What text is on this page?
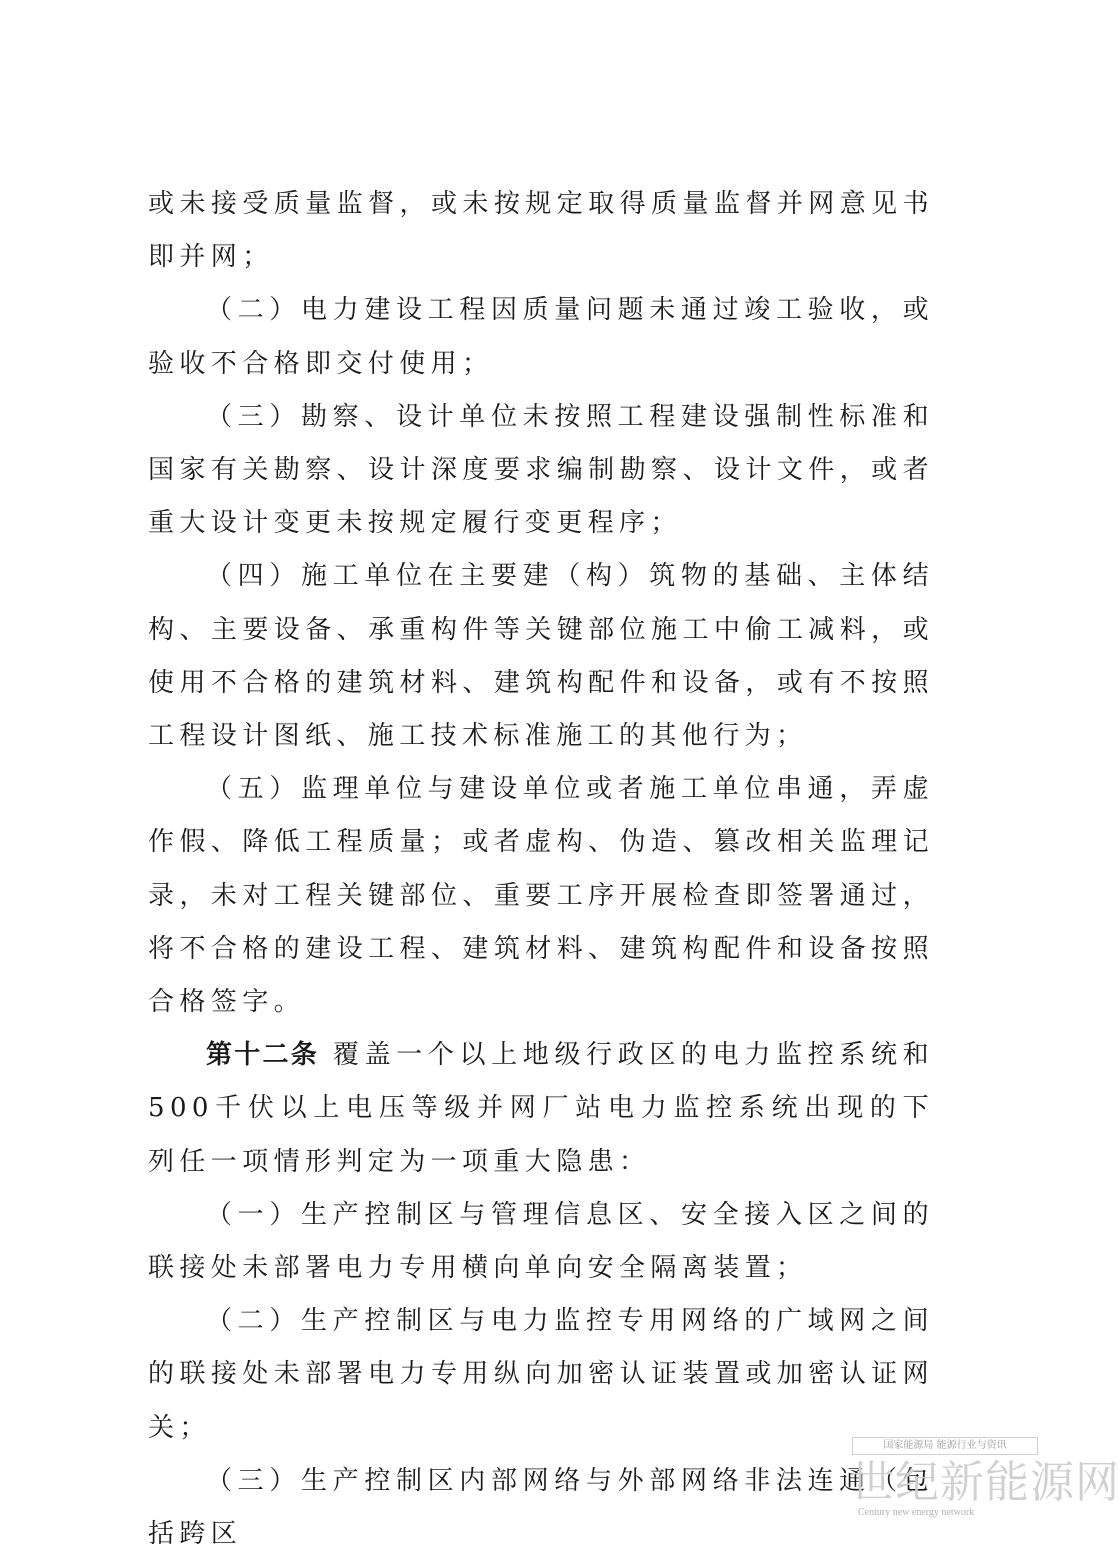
或未接受质量监督，或未按规定取得质量监督并网意见书即并网；

（二）电力建设工程因质量问题未通过竣工验收，或验收不合格即交付使用；

（三）勘察、设计单位未按照工程建设强制性标准和国家有关勘察、设计深度要求编制勘察、设计文件，或者重大设计变更未按规定履行变更程序；

（四）施工单位在主要建（构）筑物的基础、主体结构、主要设备、承重构件等关键部位施工中偷工减料，或使用不合格的建筑材料、建筑构配件和设备，或有不按照工程设计图纸、施工技术标准施工的其他行为；

（五）监理单位与建设单位或者施工单位串通，弄虚作假、降低工程质量；或者虚构、伪造、篡改相关监理记录，未对工程关键部位、重要工序开展检查即签署通过，将不合格的建设工程、建筑材料、建筑构配件和设备按照合格签字。

第十二条 覆盖一个以上地级行政区的电力监控系统和500千伏以上电压等级并网厂站电力监控系统出现的下列任一项情形判定为一项重大隐患：

（一）生产控制区与管理信息区、安全接入区之间的联接处未部署电力专用横向单向安全隔离装置；

（二）生产控制区与电力监控专用网络的广域网之间的联接处未部署电力专用纵向加密认证装置或加密认证网关；

（三）生产控制区内部网络与外部网络非法连通（包括跨区

国家能源局 能源行业与资讯
世纪新能源网
Century new energy network
